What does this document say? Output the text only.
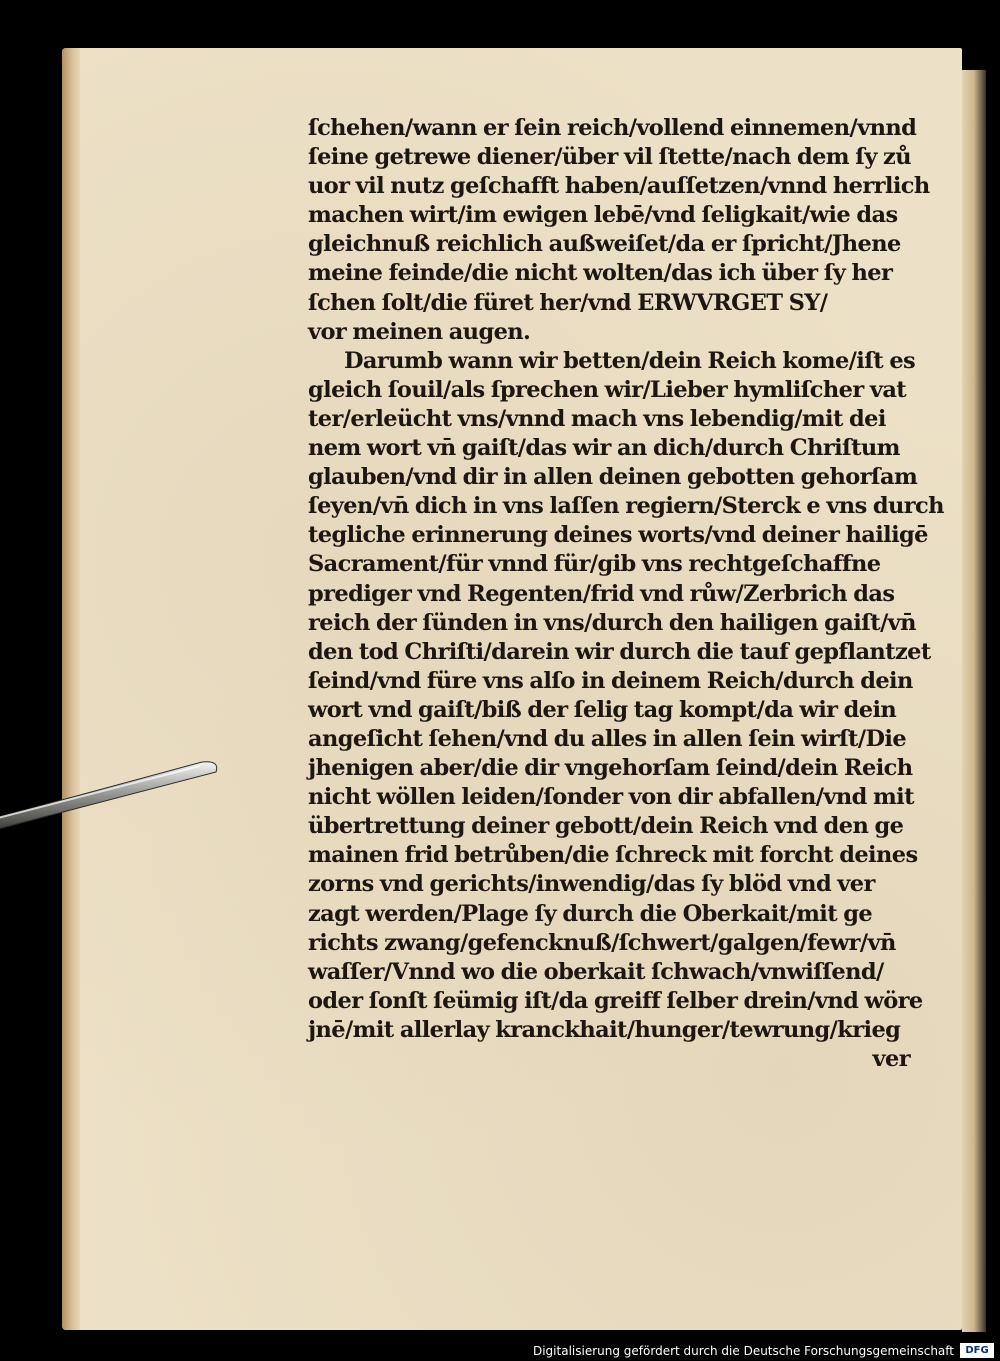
ſchehen/wann er ſein reich/vollend einnemen/vnnd
ſeine getrewe diener/über vil ſtette/nach dem ſy zů
uor vil nutz geſchafft haben/auſſetzen/vnnd herrlich
machen wirt/im ewigen lebē/vnd ſeligkait/wie das
gleichnuß reichlich außweiſet/da er ſpricht/Jhene
meine feinde/die nicht wolten/das ich über ſy her
ſchen ſolt/die füret her/vnd ERWVRGET SY/
vor meinen augen.
Darumb wann wir betten/dein Reich kome/iſt es
gleich ſouil/als ſprechen wir/Lieber hymliſcher vat
ter/erleücht vns/vnnd mach vns lebendig/mit dei
nem wort vn̄ gaiſt/das wir an dich/durch Chriſtum
glauben/vnd dir in allen deinen gebotten gehorſam
ſeyen/vn̄ dich in vns laſſen regiern/Sterck e vns durch
tegliche erinnerung deines worts/vnd deiner hailigē
Sacrament/für vnnd für/gib vns rechtgeſchaffne
prediger vnd Regenten/frid vnd růw/Zerbrich das
reich der ſünden in vns/durch den hailigen gaiſt/vn̄
den tod Chriſti/darein wir durch die tauf gepflantzet
ſeind/vnd füre vns alſo in deinem Reich/durch dein
wort vnd gaiſt/biß der ſelig tag kompt/da wir dein
angeſicht ſehen/vnd du alles in allen ſein wirſt/Die
jhenigen aber/die dir vngehorſam ſeind/dein Reich
nicht wöllen leiden/ſonder von dir abfallen/vnd mit
übertrettung deiner gebott/dein Reich vnd den ge
mainen frid betrůben/die ſchreck mit forcht deines
zorns vnd gerichts/inwendig/das ſy blöd vnd ver
zagt werden/Plage ſy durch die Oberkait/mit ge
richts zwang/gefencknuß/ſchwert/galgen/fewr/vn̄
waſſer/Vnnd wo die oberkait ſchwach/vnwiſſend/
oder ſonſt ſeümig iſt/da greiff ſelber drein/vnd wöre
jnē/mit allerlay kranckhait/hunger/tewrung/krieg
ver
Digitalisierung gefördert durch die Deutsche Forschungsgemeinschaft	DFG
